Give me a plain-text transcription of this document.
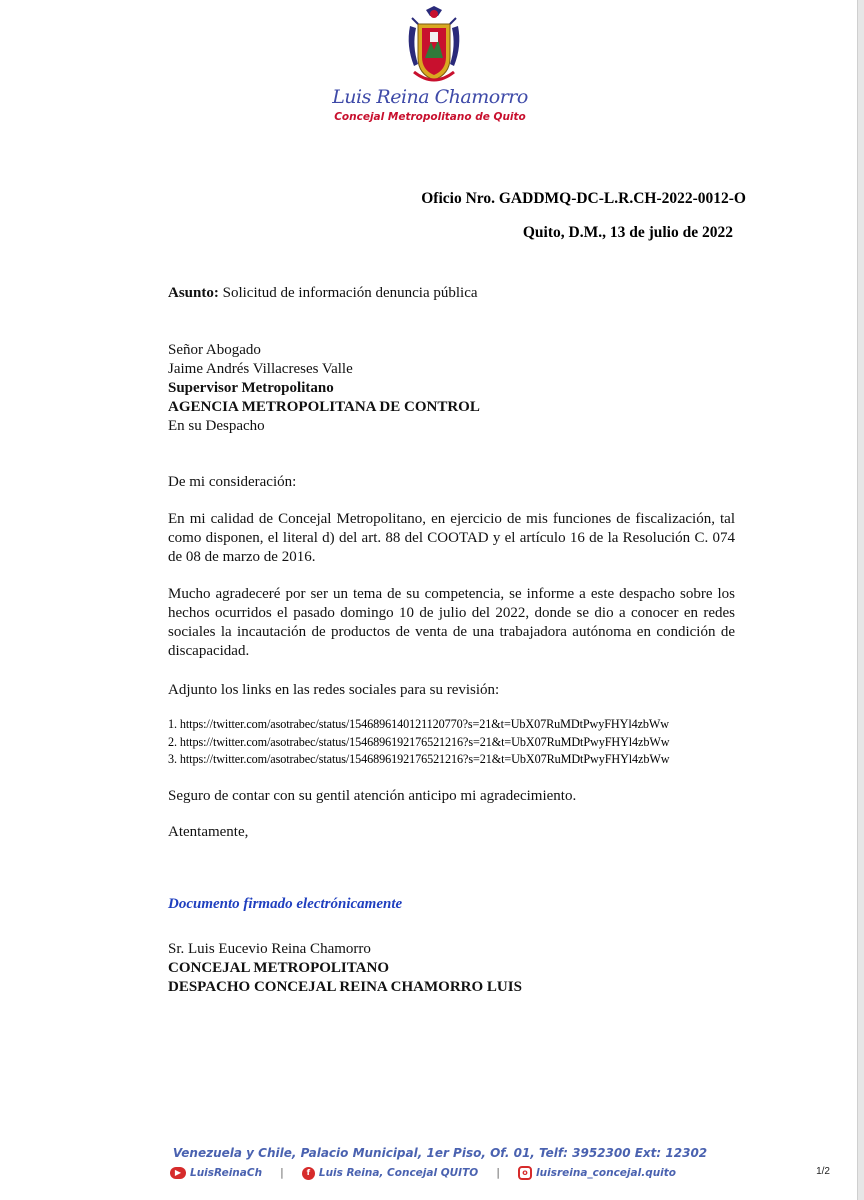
Luis Reina Chamorro
Concejal Metropolitano de Quito
Oficio Nro. GADDMQ-DC-L.R.CH-2022-0012-O
Quito, D.M., 13 de julio de 2022
Asunto: Solicitud de información denuncia pública
Señor Abogado
Jaime Andrés Villacreses Valle
Supervisor Metropolitano
AGENCIA METROPOLITANA DE CONTROL
En su Despacho
De mi consideración:
En mi calidad de Concejal Metropolitano, en ejercicio de mis funciones de fiscalización, tal como disponen, el literal d) del art. 88 del COOTAD y el artículo 16 de la Resolución C. 074 de 08 de marzo de 2016.
Mucho agradeceré por ser un tema de su competencia, se informe a este despacho sobre los hechos ocurridos el pasado domingo 10 de julio del 2022, donde se dio a conocer en redes sociales la incautación de productos de venta de una trabajadora autónoma en condición de discapacidad.
Adjunto los links en las redes sociales para su revisión:
1. https://twitter.com/asotrabec/status/1546896140121120770?s=21&t=UbX07RuMDtPwyFHYl4zbWw
2. https://twitter.com/asotrabec/status/1546896192176521216?s=21&t=UbX07RuMDtPwyFHYl4zbWw
3. https://twitter.com/asotrabec/status/1546896192176521216?s=21&t=UbX07RuMDtPwyFHYl4zbWw
Seguro de contar con su gentil atención anticipo mi agradecimiento.
Atentamente,
Documento firmado electrónicamente
Sr. Luis Eucevio Reina Chamorro
CONCEJAL METROPOLITANO
DESPACHO CONCEJAL REINA CHAMORRO LUIS
Venezuela y Chile, Palacio Municipal, 1er Piso, Of. 01, Telf: 3952300 Ext: 12302
▶ LuisReinaCh |	f Luis Reina, Concejal QUITO |	o luisreina_concejal.quito	1/2
